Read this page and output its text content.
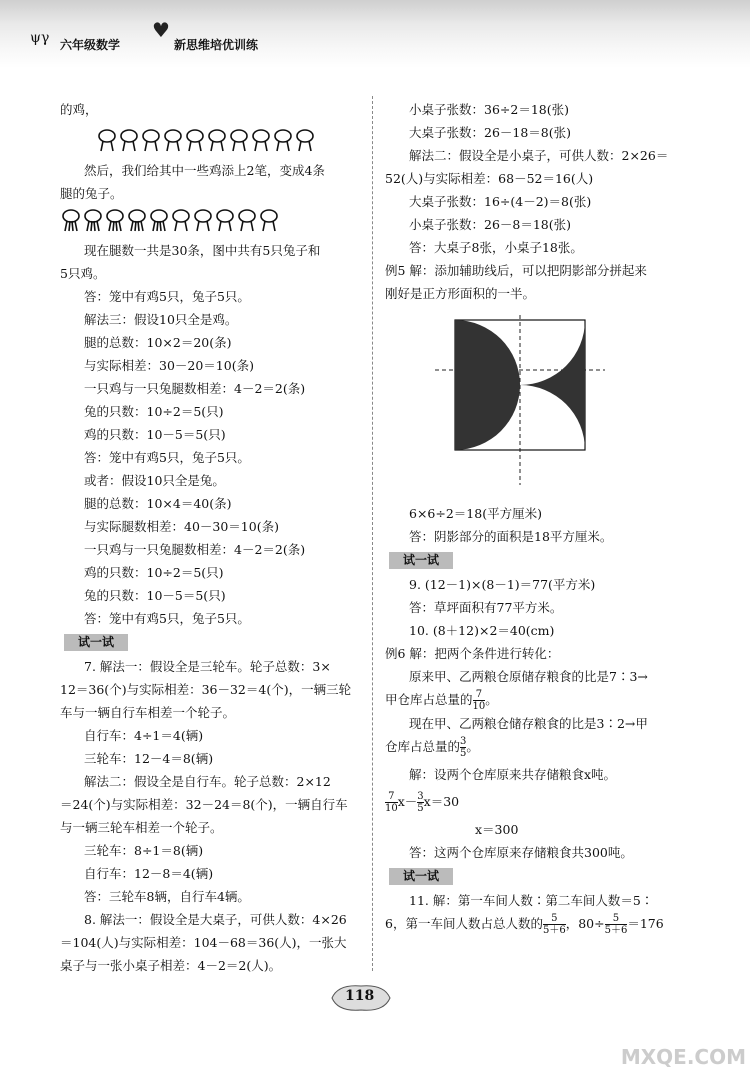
ψγ 六年级数学
♥
新思维培优训练
的鸡，
然后，我们给其中一些鸡添上2笔，变成4条
腿的兔子。
现在腿数一共是30条，图中共有5只兔子和
5只鸡。
答：笼中有鸡5只，兔子5只。
解法三：假设10只全是鸡。
腿的总数：10×2＝20(条)
与实际相差：30－20＝10(条)
一只鸡与一只兔腿数相差：4－2＝2(条)
兔的只数：10÷2＝5(只)
鸡的只数：10－5＝5(只)
答：笼中有鸡5只，兔子5只。
或者：假设10只全是兔。
腿的总数：10×4＝40(条)
与实际腿数相差：40－30＝10(条)
一只鸡与一只兔腿数相差：4－2＝2(条)
鸡的只数：10÷2＝5(只)
兔的只数：10－5＝5(只)
答：笼中有鸡5只，兔子5只。
试一试
7. 解法一：假设全是三轮车。轮子总数：3×
12＝36(个)与实际相差：36－32＝4(个)，一辆三轮
车与一辆自行车相差一个轮子。
自行车：4÷1＝4(辆)
三轮车：12－4＝8(辆)
解法二：假设全是自行车。轮子总数：2×12
＝24(个)与实际相差：32－24＝8(个)，一辆自行车
与一辆三轮车相差一个轮子。
三轮车：8÷1＝8(辆)
自行车：12－8＝4(辆)
答：三轮车8辆，自行车4辆。
8. 解法一：假设全是大桌子，可供人数：4×26
＝104(人)与实际相差：104－68＝36(人)，一张大
桌子与一张小桌子相差：4－2＝2(人)。
小桌子张数：36÷2＝18(张)
大桌子张数：26－18＝8(张)
解法二：假设全是小桌子，可供人数：2×26＝
52(人)与实际相差：68－52＝16(人)
大桌子张数：16÷(4－2)＝8(张)
小桌子张数：26－8＝18(张)
答：大桌子8张，小桌子18张。
例5 解：添加辅助线后，可以把阴影部分拼起来
刚好是正方形面积的一半。
6×6÷2＝18(平方厘米)
答：阴影部分的面积是18平方厘米。
试一试
9. (12－1)×(8－1)＝77(平方米)
答：草坪面积有77平方米。
10. (8＋12)×2＝40(cm)
例6 解：把两个条件进行转化：
原来甲、乙两粮仓原储存粮食的比是7∶3→
甲仓库占总量的 $\frac{7}{10}$ 。
现在甲、乙两粮仓储存粮食的比是3∶2→甲
仓库占总量的 $\frac{3}{5}$ 。
解：设两个仓库原来共存储粮食x吨。
$\frac{7}{10} x- \frac{3}{5} x=30$
x＝300
答：这两个仓库原来存储粮食共300吨。
试一试
11. 解：第一车间人数∶第二车间人数＝5∶
6，第一车间人数占总人数的 $\frac{5}{5+6}$ ，$80\div \frac{5}{5+6} =176$
118
MXQE.COM
